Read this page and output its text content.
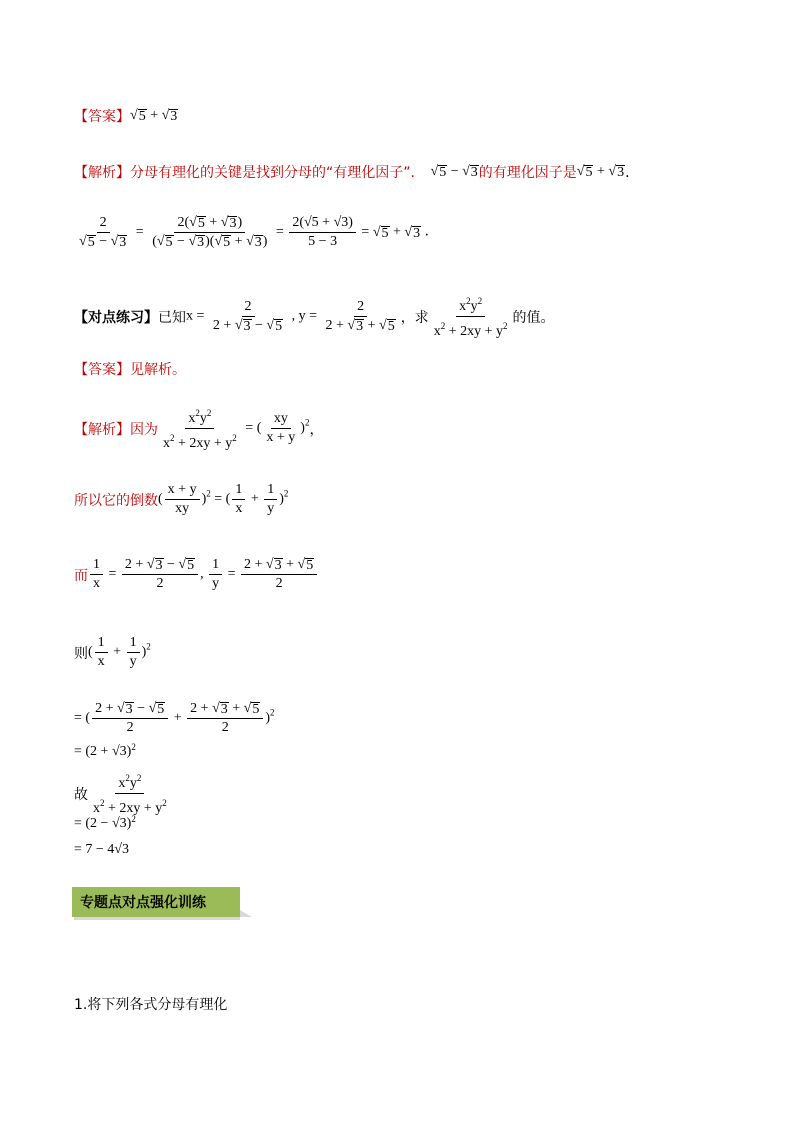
【答案】 √ 5 + √ 3
【解析】 分母有理化的关键是找到分母的“有理化因子”． √ 5 − √ 3 的有理化因子是 √ 5 + √ 3 ．
$\frac{2}{√ 5 - √ 3} = \frac{2( √ 5 + √ 3 )}{( √ 5 - √ 3 )( √ 5 + √ 3 )} = \frac{2(√5 + √3)}{5 - 3}$ = √ 5 + √ 3 ．
【对点练习】 已知 $x = \frac{2}{2 + √ 3 - √ 5}$ , $y = \frac{2}{2 + √ 3 + √ 5}$ ，求 $\frac{x^2y^2}{x^2 + 2xy + y^2}$ 的值。
【答案】 见解析。
【解析】 因为 $\frac{x^2y^2}{x^2 + 2xy + y^2}$ = ( $\frac{xy}{x + y} )^2$ ，
所以它的倒数 ( $\frac{x + y}{xy} )^2$ = ( $\frac{1}{x} + \frac{1}{y} )^2$
而 $\frac{1}{x} = \frac{2 + √ 3 - √ 5}{2}$ , $\frac{1}{y} = \frac{2 + √ 3 + √ 5}{2}$
则 ( $\frac{1}{x} + \frac{1}{y} )^2$
= ( $\frac{2 + √ 3 - √ 5}{2} + \frac{2 + √ 3 + √ 5}{2} )^2$
= (2 + √3) $^2$
故 $\frac{x^2y^2}{x^2 + 2xy + y^2}$
= (2 − √3) $^2$
= 7 − 4√3
专题点对点强化训练
1.将下列各式分母有理化
